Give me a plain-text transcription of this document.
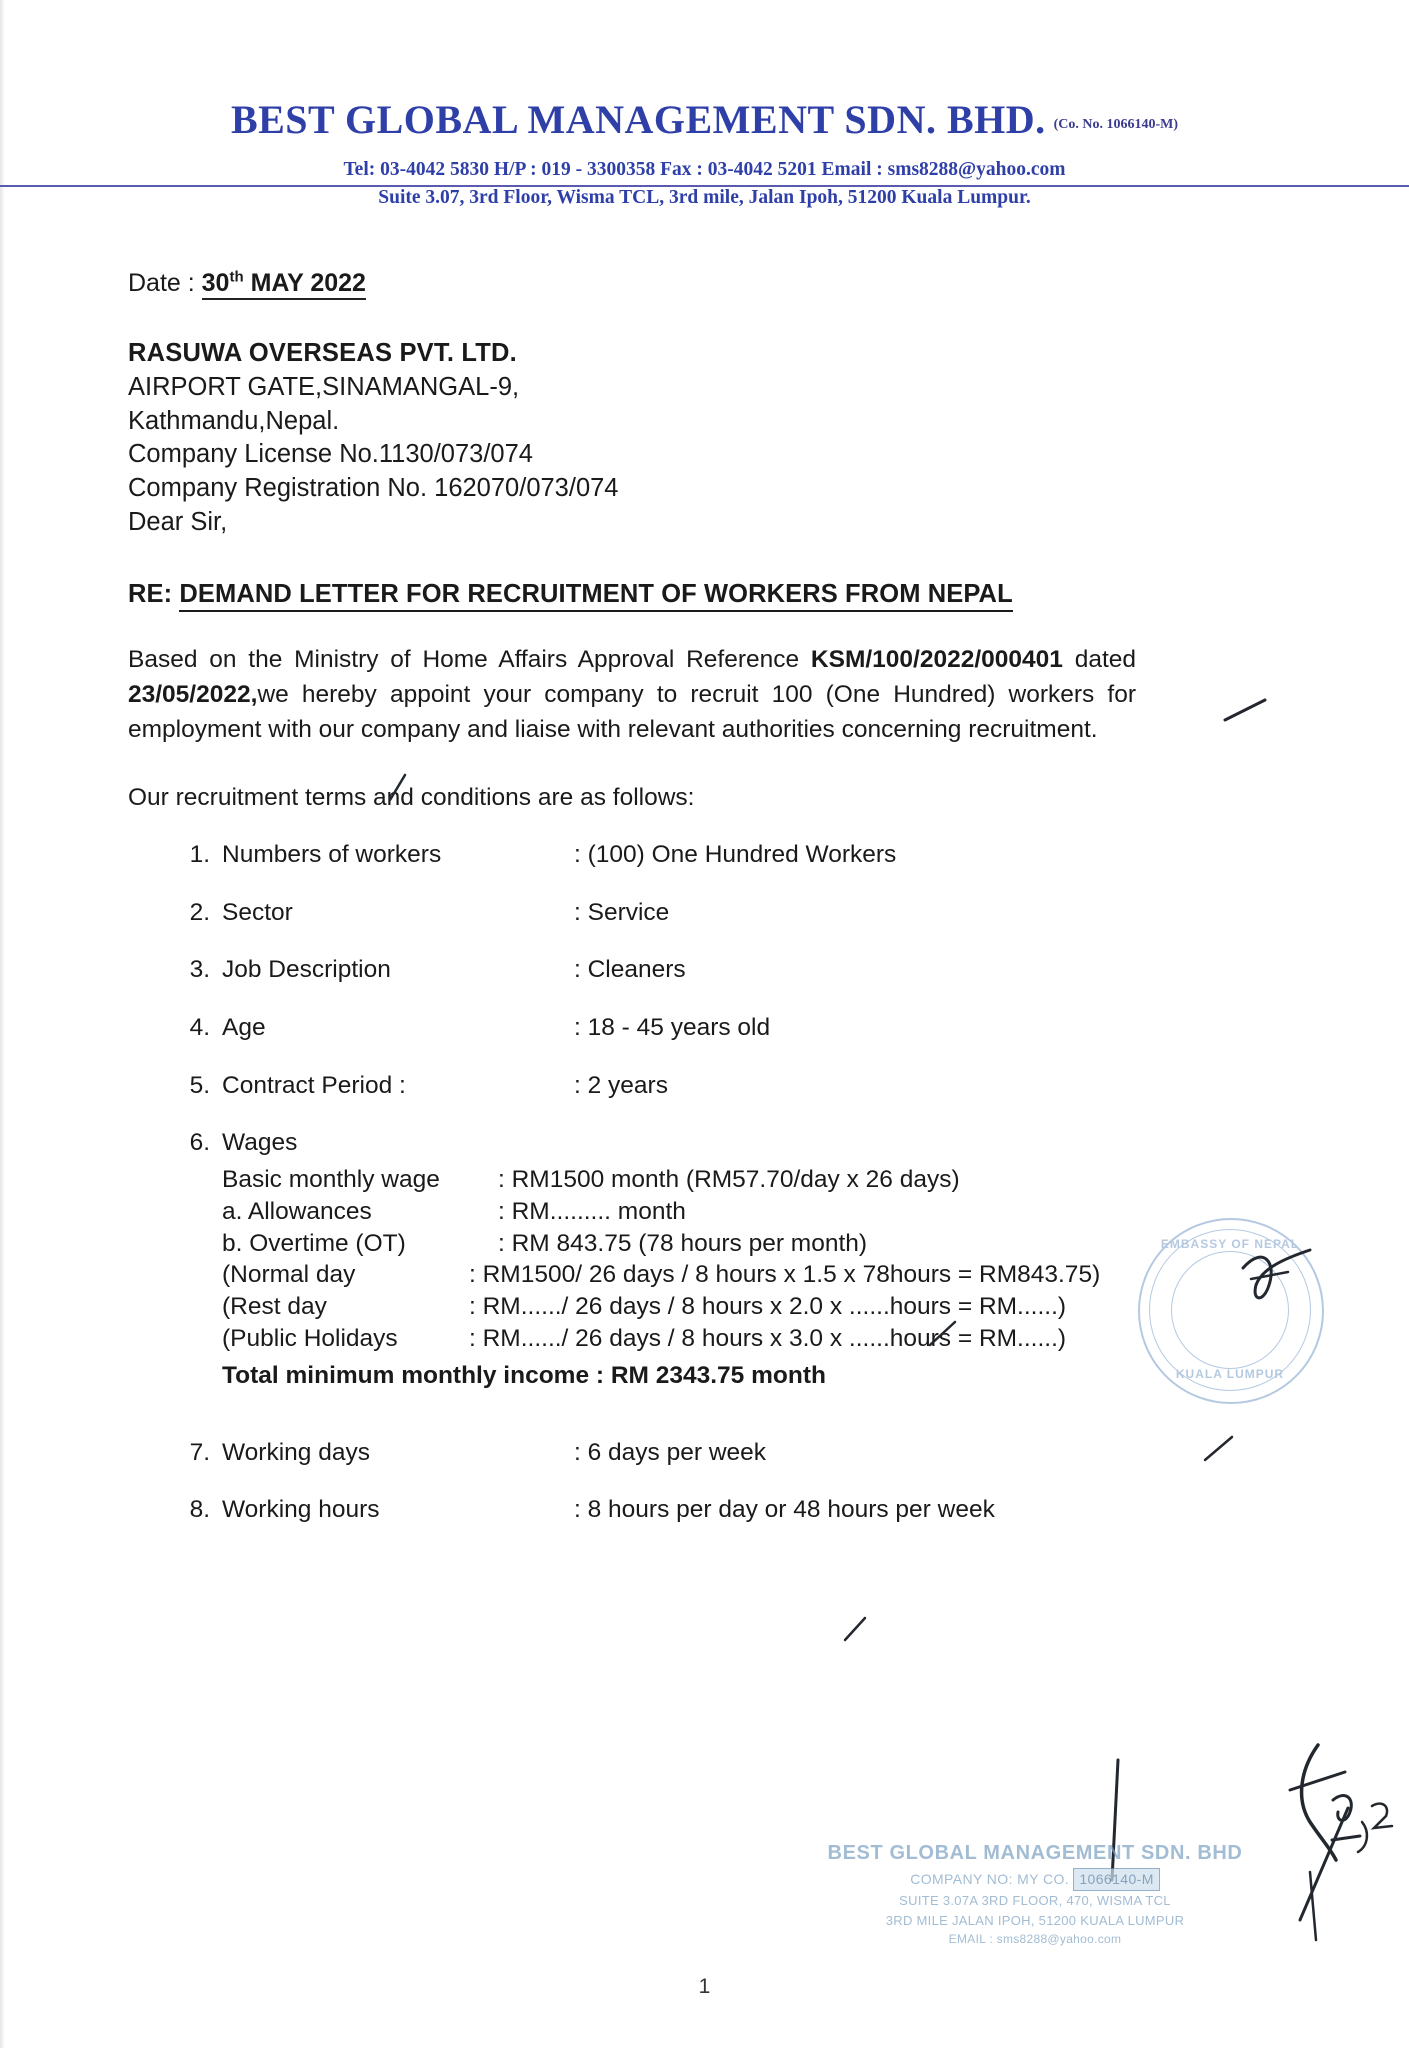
BEST GLOBAL MANAGEMENT SDN. BHD. (Co. No. 1066140-M)
Tel: 03-4042 5830 H/P : 019 - 3300358 Fax : 03-4042 5201 Email : sms8288@yahoo.com
Suite 3.07, 3rd Floor, Wisma TCL, 3rd mile, Jalan Ipoh, 51200 Kuala Lumpur.
Date : 30th MAY 2022
RASUWA OVERSEAS PVT. LTD.
AIRPORT GATE,SINAMANGAL-9,
Kathmandu,Nepal.
Company License No.1130/073/074
Company Registration No. 162070/073/074
Dear Sir,
RE: DEMAND LETTER FOR RECRUITMENT OF WORKERS FROM NEPAL
Based on the Ministry of Home Affairs Approval Reference KSM/100/2022/000401 dated 23/05/2022,we hereby appoint your company to recruit 100 (One Hundred) workers for employment with our company and liaise with relevant authorities concerning recruitment.
Our recruitment terms and conditions are as follows:
1. Numbers of workers	: (100) One Hundred Workers
2. Sector	: Service
3. Job Description	: Cleaners
4. Age	: 18 - 45 years old
5. Contract Period :	: 2 years
6. Wages
Basic monthly wage	: RM1500 month (RM57.70/day x 26 days)
a. Allowances	: RM......... month
b. Overtime (OT)	: RM 843.75 (78 hours per month)
(Normal day	: RM1500/ 26 days / 8 hours x 1.5 x 78hours = RM843.75)
(Rest day	: RM....../ 26 days / 8 hours x 2.0 x ......hours = RM......)
(Public Holidays	: RM....../ 26 days / 8 hours x 3.0 x ......hours = RM......)
Total minimum monthly income : RM 2343.75 month
7. Working days	: 6 days per week
8. Working hours	: 8 hours per day or 48 hours per week
EMBASSY OF NEPAL
KUALA LUMPUR
BEST GLOBAL MANAGEMENT SDN. BHD
COMPANY NO: MY CO. 1066140-M
SUITE 3.07A 3RD FLOOR, 470, WISMA TCL
3RD MILE JALAN IPOH, 51200 KUALA LUMPUR
EMAIL : sms8288@yahoo.com
1
